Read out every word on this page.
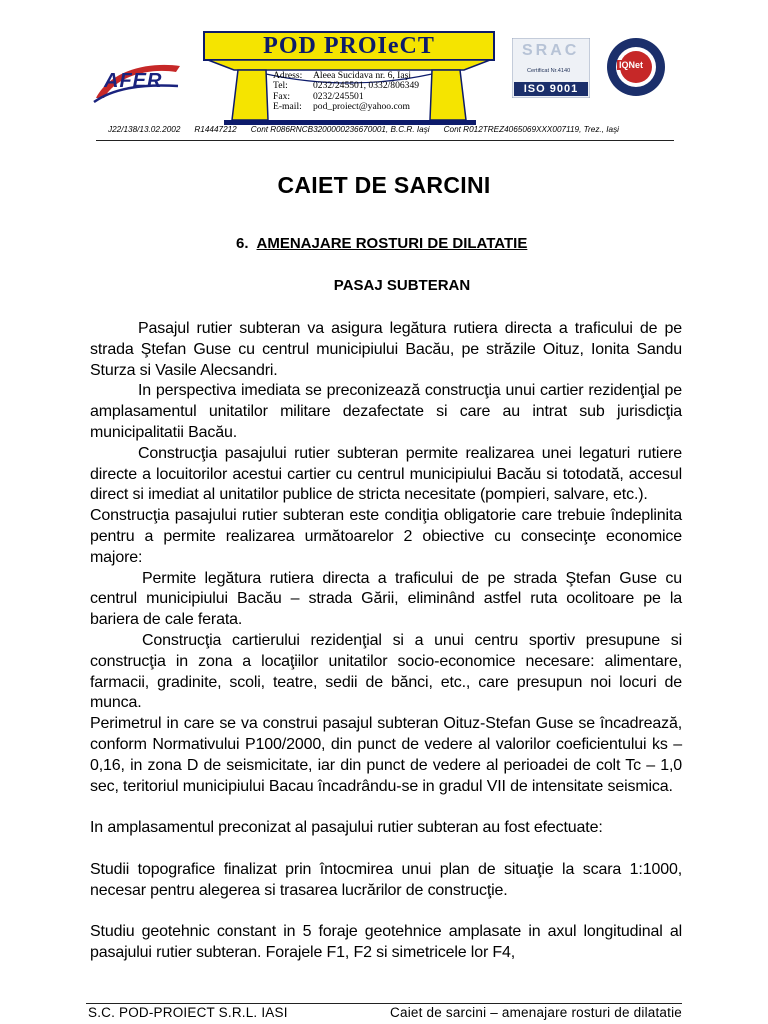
AFER
POD PROIeCT
Adress:	Aleea Sucidava nr. 6, Iaşi
Tel:	0232/245501, 0332/806349
Fax:	0232/245501
E-mail:	pod_proiect@yahoo.com
SRAC
Certificat Nr.4140
ISO 9001
IQNet
J22/138/13.02.2002 R14447212 Cont R086RNCB3200000236670001, B.C.R. Iaşi Cont R012TREZ4065069XXX007119, Trez., Iaşi
CAIET DE SARCINI
6. AMENAJARE ROSTURI DE DILATATIE
PASAJ SUBTERAN

Pasajul rutier subteran va asigura legătura rutiera directa a traficului de pe strada Ştefan Guse cu centrul municipiului Bacău, pe străzile Oituz, Ionita Sandu Sturza si Vasile Alecsandri.

In perspectiva imediata se preconizează construcţia unui cartier rezidenţial pe amplasamentul unitatilor militare dezafectate si care au intrat sub jurisdicţia municipalitatii Bacău.

Construcţia pasajului rutier subteran permite realizarea unei legaturi rutiere directe a locuitorilor acestui cartier cu centrul municipiului Bacău si totodată, accesul direct si imediat al unitatilor publice de stricta necesitate (pompieri, salvare, etc.).

Construcţia pasajului rutier subteran este condiţia obligatorie care trebuie îndeplinita pentru a permite realizarea următoarelor 2 obiective cu consecinţe economice majore:

Permite legătura rutiera directa a traficului de pe strada Ştefan Guse cu centrul municipiului Bacău – strada Gării, eliminând astfel ruta ocolitoare pe la bariera de cale ferata.

Construcţia cartierului rezidenţial si a unui centru sportiv presupune si construcţia in zona a locaţiilor unitatilor socio-economice necesare: alimentare, farmacii, gradinite, scoli, teatre, sedii de bănci, etc., care presupun noi locuri de munca.

Perimetrul in care se va construi pasajul subteran Oituz-Stefan Guse se încadrează, conform Normativului P100/2000, din punct de vedere al valorilor coeficientului ks – 0,16, in zona D de seismicitate, iar din punct de vedere al perioadei de colt Tc – 1,0 sec, teritoriul municipiului Bacau încadrându-se in gradul VII de intensitate seismica.

In amplasamentul preconizat al pasajului rutier subteran au fost efectuate:

Studii topografice finalizat prin întocmirea unui plan de situaţie la scara 1:1000, necesar pentru alegerea si trasarea lucrărilor de construcţie.

Studiu geotehnic constant in 5 foraje geotehnice amplasate in axul longitudinal al pasajului rutier subteran. Forajele F1, F2 si simetricele lor F4,

S.C. POD-PROIECT S.R.L. IASI	Caiet de sarcini – amenajare rosturi de dilatatie
